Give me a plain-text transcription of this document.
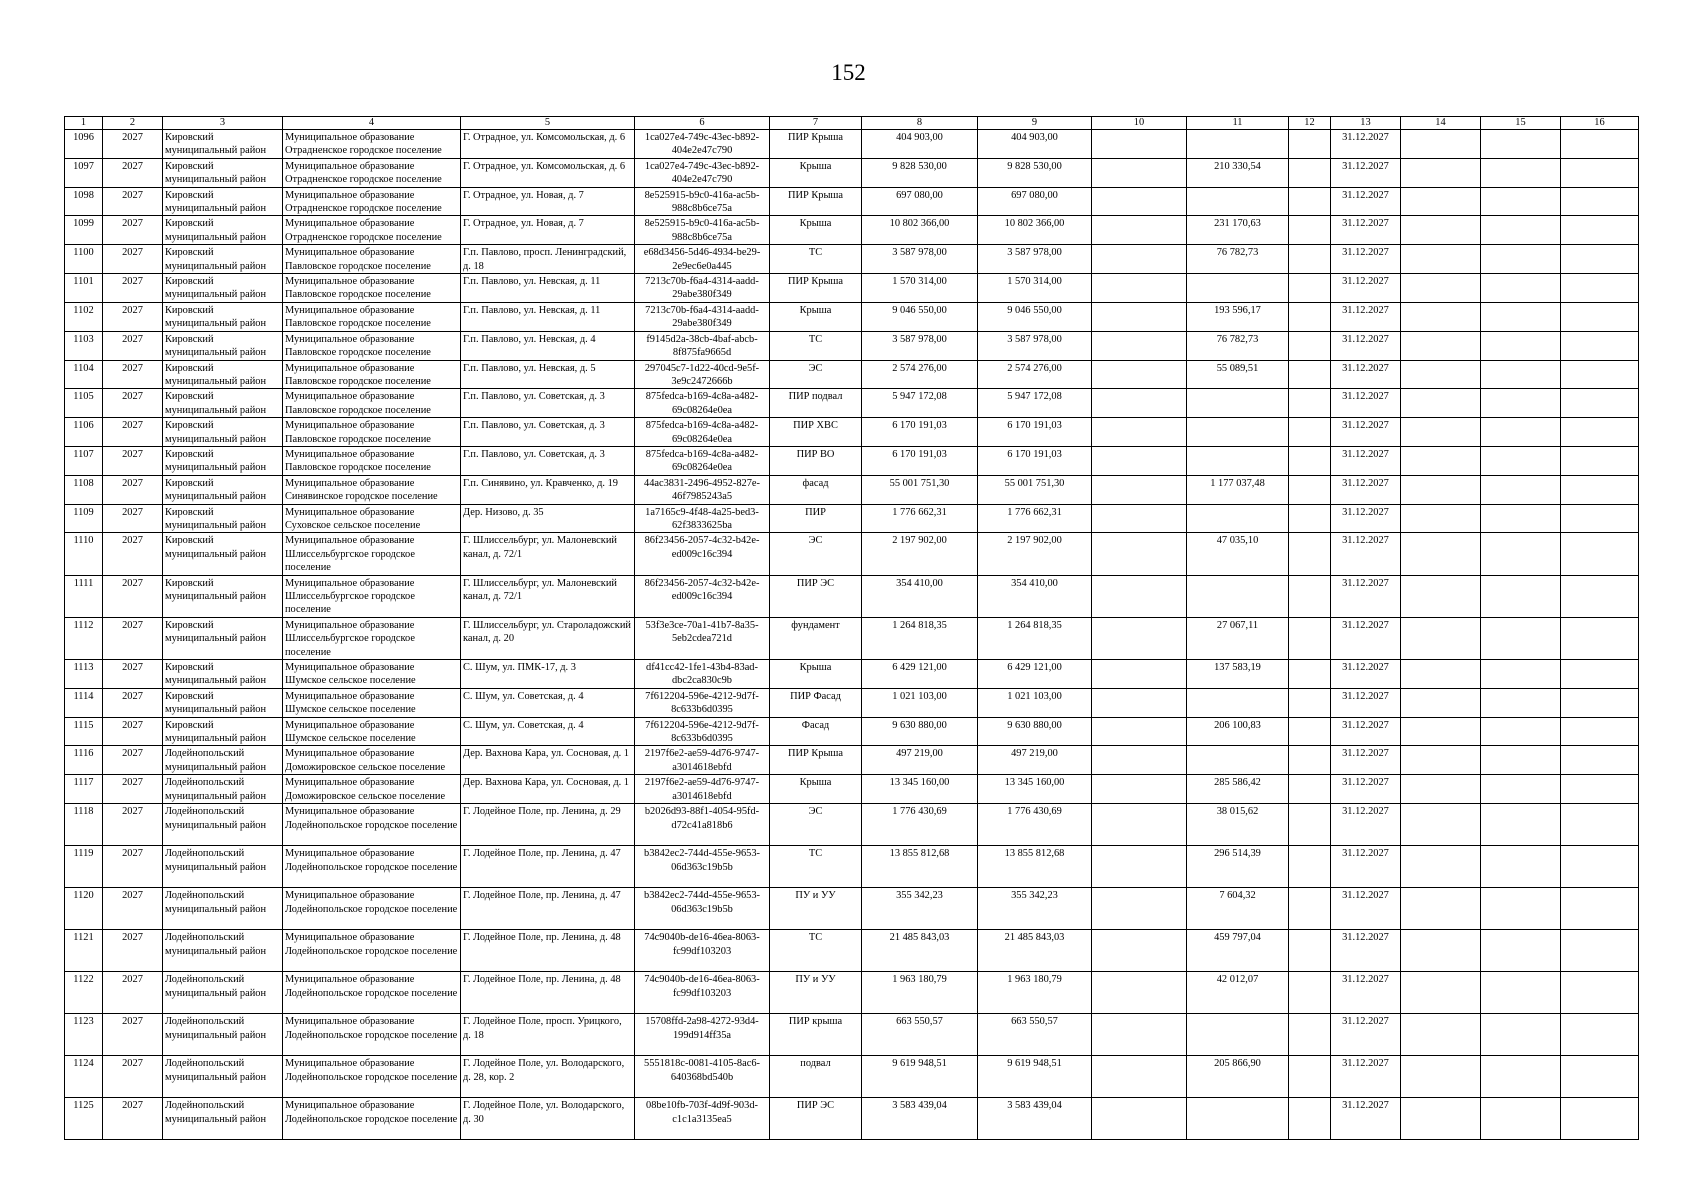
152
1	2	3	4	5	6	7	8	9	10	11	12	13	14	15	16
1096	2027	Кировский муниципальный район	Муниципальное образование Отрадненское городское поселение	Г. Отрадное, ул. Комсомольская, д. 6	1ca027e4-749c-43ec-b892-404e2e47c790	ПИР Крыша	404 903,00	404 903,00				31.12.2027			
1097	2027	Кировский муниципальный район	Муниципальное образование Отрадненское городское поселение	Г. Отрадное, ул. Комсомольская, д. 6	1ca027e4-749c-43ec-b892-404e2e47c790	Крыша	9 828 530,00	9 828 530,00		210 330,54		31.12.2027			
1098	2027	Кировский муниципальный район	Муниципальное образование Отрадненское городское поселение	Г. Отрадное, ул. Новая, д. 7	8e525915-b9c0-416a-ac5b-988c8b6ce75a	ПИР Крыша	697 080,00	697 080,00				31.12.2027			
1099	2027	Кировский муниципальный район	Муниципальное образование Отрадненское городское поселение	Г. Отрадное, ул. Новая, д. 7	8e525915-b9c0-416a-ac5b-988c8b6ce75a	Крыша	10 802 366,00	10 802 366,00		231 170,63		31.12.2027			
1100	2027	Кировский муниципальный район	Муниципальное образование Павловское городское поселение	Г.п. Павлово, просп. Ленинградский, д. 18	e68d3456-5d46-4934-be29-2e9ec6e0a445	ТС	3 587 978,00	3 587 978,00		76 782,73		31.12.2027			
1101	2027	Кировский муниципальный район	Муниципальное образование Павловское городское поселение	Г.п. Павлово, ул. Невская, д. 11	7213c70b-f6a4-4314-aadd-29abe380f349	ПИР Крыша	1 570 314,00	1 570 314,00				31.12.2027			
1102	2027	Кировский муниципальный район	Муниципальное образование Павловское городское поселение	Г.п. Павлово, ул. Невская, д. 11	7213c70b-f6a4-4314-aadd-29abe380f349	Крыша	9 046 550,00	9 046 550,00		193 596,17		31.12.2027			
1103	2027	Кировский муниципальный район	Муниципальное образование Павловское городское поселение	Г.п. Павлово, ул. Невская, д. 4	f9145d2a-38cb-4baf-abcb-8f875fa9665d	ТС	3 587 978,00	3 587 978,00		76 782,73		31.12.2027			
1104	2027	Кировский муниципальный район	Муниципальное образование Павловское городское поселение	Г.п. Павлово, ул. Невская, д. 5	297045c7-1d22-40cd-9e5f-3e9c2472666b	ЭС	2 574 276,00	2 574 276,00		55 089,51		31.12.2027			
1105	2027	Кировский муниципальный район	Муниципальное образование Павловское городское поселение	Г.п. Павлово, ул. Советская, д. 3	875fedca-b169-4c8a-a482-69c08264e0ea	ПИР подвал	5 947 172,08	5 947 172,08				31.12.2027			
1106	2027	Кировский муниципальный район	Муниципальное образование Павловское городское поселение	Г.п. Павлово, ул. Советская, д. 3	875fedca-b169-4c8a-a482-69c08264e0ea	ПИР ХВС	6 170 191,03	6 170 191,03				31.12.2027			
1107	2027	Кировский муниципальный район	Муниципальное образование Павловское городское поселение	Г.п. Павлово, ул. Советская, д. 3	875fedca-b169-4c8a-a482-69c08264e0ea	ПИР ВО	6 170 191,03	6 170 191,03				31.12.2027			
1108	2027	Кировский муниципальный район	Муниципальное образование Синявинское городское поселение	Г.п. Синявино, ул. Кравченко, д. 19	44ac3831-2496-4952-827e-46f7985243a5	фасад	55 001 751,30	55 001 751,30		1 177 037,48		31.12.2027			
1109	2027	Кировский муниципальный район	Муниципальное образование Суховское сельское поселение	Дер. Низово, д. 35	1a7165c9-4f48-4a25-bed3-62f3833625ba	ПИР	1 776 662,31	1 776 662,31				31.12.2027			
1110	2027	Кировский муниципальный район	Муниципальное образование Шлиссельбургское городское поселение	Г. Шлиссельбург, ул. Малоневский канал, д. 72/1	86f23456-2057-4c32-b42e-ed009c16c394	ЭС	2 197 902,00	2 197 902,00		47 035,10		31.12.2027			
1111	2027	Кировский муниципальный район	Муниципальное образование Шлиссельбургское городское поселение	Г. Шлиссельбург, ул. Малоневский канал, д. 72/1	86f23456-2057-4c32-b42e-ed009c16c394	ПИР ЭС	354 410,00	354 410,00				31.12.2027			
1112	2027	Кировский муниципальный район	Муниципальное образование Шлиссельбургское городское поселение	Г. Шлиссельбург, ул. Староладожский канал, д. 20	53f3e3ce-70a1-41b7-8a35-5eb2cdea721d	фундамент	1 264 818,35	1 264 818,35		27 067,11		31.12.2027			
1113	2027	Кировский муниципальный район	Муниципальное образование Шумское сельское поселение	С. Шум, ул. ПМК-17, д. 3	df41cc42-1fe1-43b4-83ad-dbc2ca830c9b	Крыша	6 429 121,00	6 429 121,00		137 583,19		31.12.2027			
1114	2027	Кировский муниципальный район	Муниципальное образование Шумское сельское поселение	С. Шум, ул. Советская, д. 4	7f612204-596e-4212-9d7f-8c633b6d0395	ПИР Фасад	1 021 103,00	1 021 103,00				31.12.2027			
1115	2027	Кировский муниципальный район	Муниципальное образование Шумское сельское поселение	С. Шум, ул. Советская, д. 4	7f612204-596e-4212-9d7f-8c633b6d0395	Фасад	9 630 880,00	9 630 880,00		206 100,83		31.12.2027			
1116	2027	Лодейнопольский муниципальный район	Муниципальное образование Доможировское сельское поселение	Дер. Вахнова Кара, ул. Сосновая, д. 1	2197f6e2-ae59-4d76-9747-a3014618ebfd	ПИР Крыша	497 219,00	497 219,00				31.12.2027			
1117	2027	Лодейнопольский муниципальный район	Муниципальное образование Доможировское сельское поселение	Дер. Вахнова Кара, ул. Сосновая, д. 1	2197f6e2-ae59-4d76-9747-a3014618ebfd	Крыша	13 345 160,00	13 345 160,00		285 586,42		31.12.2027			
1118	2027	Лодейнопольский муниципальный район	Муниципальное образование Лодейнопольское городское поселение	Г. Лодейное Поле, пр. Ленина, д. 29	b2026d93-88f1-4054-95fd-d72c41a818b6	ЭС	1 776 430,69	1 776 430,69		38 015,62		31.12.2027			
1119	2027	Лодейнопольский муниципальный район	Муниципальное образование Лодейнопольское городское поселение	Г. Лодейное Поле, пр. Ленина, д. 47	b3842ec2-744d-455e-9653-06d363c19b5b	ТС	13 855 812,68	13 855 812,68		296 514,39		31.12.2027			
1120	2027	Лодейнопольский муниципальный район	Муниципальное образование Лодейнопольское городское поселение	Г. Лодейное Поле, пр. Ленина, д. 47	b3842ec2-744d-455e-9653-06d363c19b5b	ПУ и УУ	355 342,23	355 342,23		7 604,32		31.12.2027			
1121	2027	Лодейнопольский муниципальный район	Муниципальное образование Лодейнопольское городское поселение	Г. Лодейное Поле, пр. Ленина, д. 48	74c9040b-de16-46ea-8063-fc99df103203	ТС	21 485 843,03	21 485 843,03		459 797,04		31.12.2027			
1122	2027	Лодейнопольский муниципальный район	Муниципальное образование Лодейнопольское городское поселение	Г. Лодейное Поле, пр. Ленина, д. 48	74c9040b-de16-46ea-8063-fc99df103203	ПУ и УУ	1 963 180,79	1 963 180,79		42 012,07		31.12.2027			
1123	2027	Лодейнопольский муниципальный район	Муниципальное образование Лодейнопольское городское поселение	Г. Лодейное Поле, просп. Урицкого, д. 18	15708ffd-2a98-4272-93d4-199d914ff35a	ПИР крыша	663 550,57	663 550,57				31.12.2027			
1124	2027	Лодейнопольский муниципальный район	Муниципальное образование Лодейнопольское городское поселение	Г. Лодейное Поле, ул. Володарского, д. 28, кор. 2	5551818c-0081-4105-8ac6-640368bd540b	подвал	9 619 948,51	9 619 948,51		205 866,90		31.12.2027			
1125	2027	Лодейнопольский муниципальный район	Муниципальное образование Лодейнопольское городское поселение	Г. Лодейное Поле, ул. Володарского, д. 30	08be10fb-703f-4d9f-903d-c1c1a3135ea5	ПИР ЭС	3 583 439,04	3 583 439,04				31.12.2027			
